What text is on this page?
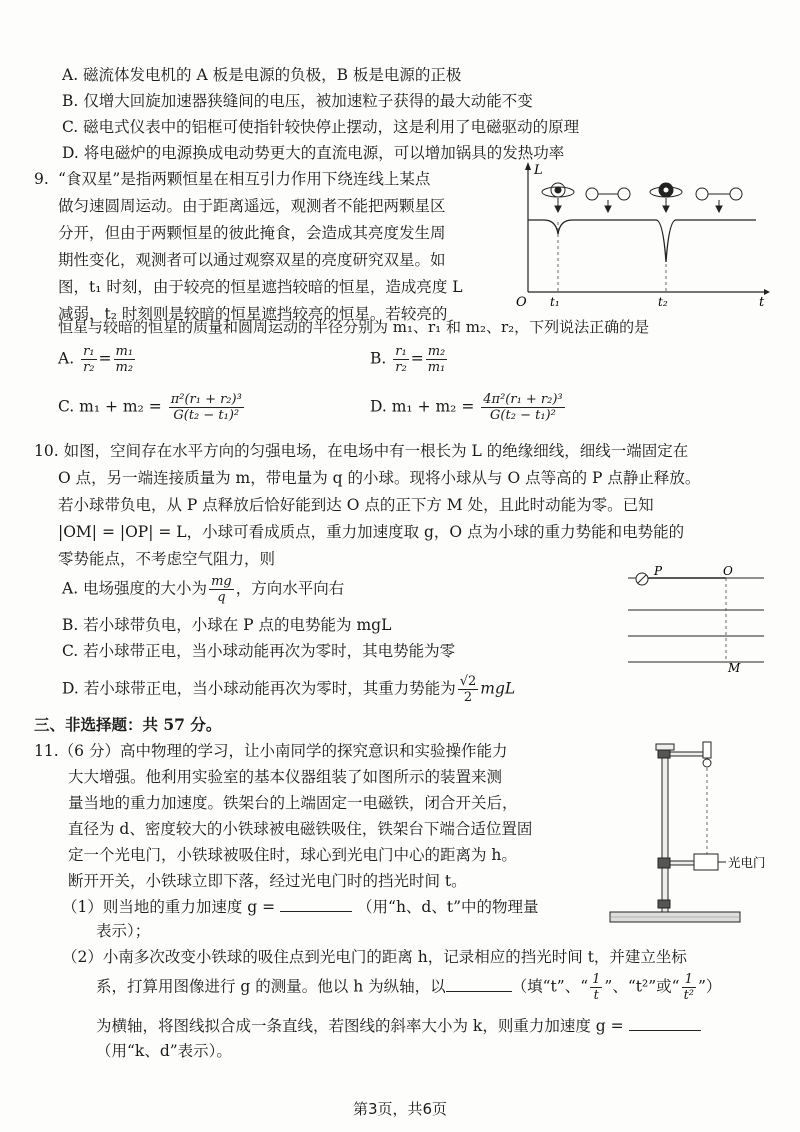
A. 磁流体发电机的 A 板是电源的负极，B 板是电源的正极
B. 仅增大回旋加速器狭缝间的电压，被加速粒子获得的最大动能不变
C. 磁电式仪表中的铝框可使指针较快停止摆动，这是利用了电磁驱动的原理
D. 将电磁炉的电源换成电动势更大的直流电源，可以增加锅具的发热功率
9. “食双星”是指两颗恒星在相互引力作用下绕连线上某点
做匀速圆周运动。由于距离遥远，观测者不能把两颗星区
分开，但由于两颗恒星的彼此掩食，会造成其亮度发生周
期性变化，观测者可以通过观察双星的亮度研究双星。如
图，t₁ 时刻，由于较亮的恒星遮挡较暗的恒星，造成亮度 L
减弱，t₂ 时刻则是较暗的恒星遮挡较亮的恒星。若较亮的
恒星与较暗的恒星的质量和圆周运动的半径分别为 m₁、r₁ 和 m₂、r₂，下列说法正确的是
L
t
O t₁	t₂
A. $\frac{\text{r₁}}{\text{r₂}} = \frac{\text{m₁}}{\text{m₂}}$	B. $\frac{\text{r₁}}{\text{r₂}} = \frac{\text{m₂}}{\text{m₁}}$
C. $m_1 + m_2 = \frac{\text{π²(r₁ + r₂)³}}{\text{G(t₂ − t₁)²}}$	D. $m_1 + m_2 = \frac{\text{4π²(r₁ + r₂)³}}{\text{G(t₂ − t₁)²}}$
10. 如图，空间存在水平方向的匀强电场，在电场中有一根长为 L 的绝缘细线，细线一端固定在
O 点，另一端连接质量为 m，带电量为 q 的小球。现将小球从与 O 点等高的 P 点静止释放。
若小球带负电，从 P 点释放后恰好能到达 O 点的正下方 M 处，且此时动能为零。已知
|OM| = |OP| = L，小球可看成质点，重力加速度取 g，O 点为小球的重力势能和电势能的
零势能点，不考虑空气阻力，则
A. 电场强度的大小为 $\frac{mg}{q}$ ，方向水平向右
B. 若小球带负电，小球在 P 点的电势能为 mgL
C. 若小球带正电，当小球动能再次为零时，其电势能为零
D. 若小球带正电，当小球动能再次为零时，其重力势能为 $\frac{√2}{2}$ mgL
P	O
M
三、非选择题：共 57 分。
11.（6 分）高中物理的学习，让小南同学的探究意识和实验操作能力
大大增强。他利用实验室的基本仪器组装了如图所示的装置来测
量当地的重力加速度。铁架台的上端固定一电磁铁，闭合开关后，
直径为 d、密度较大的小铁球被电磁铁吸住，铁架台下端合适位置固
定一个光电门，小铁球被吸住时，球心到光电门中心的距离为 h。
断开开关，小铁球立即下落，经过光电门时的挡光时间 t。
（1）则当地的重力加速度 g =	（用“h、d、t”中的物理量
表示）；
（2）小南多次改变小铁球的吸住点到光电门的距离 h，记录相应的挡光时间 t，并建立坐标
系，打算用图像进行 g 的测量。他以 h 为纵轴，以	（填“t”、“ $\frac{1}{t}$ ”、“t²”或“ $\frac{1}{\text{t²}}$ ”）
为横轴，将图线拟合成一条直线，若图线的斜率大小为 k，则重力加速度 g =
（用“k、d”表示）。
光电门
第3页，共6页
